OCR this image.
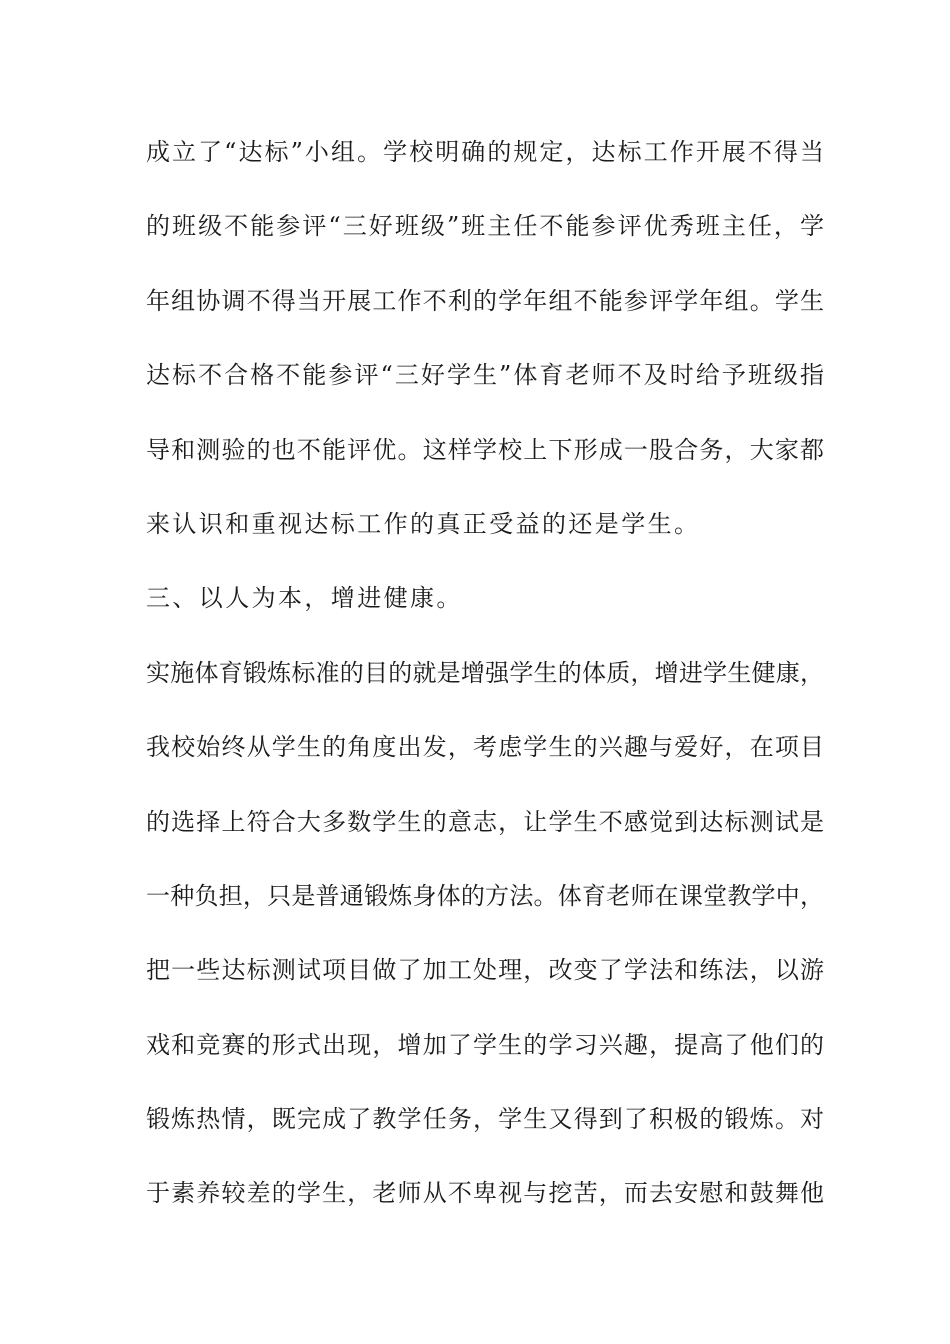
成立了“达标”小组。学校明确的规定，达标工作开展不得当
的班级不能参评“三好班级”班主任不能参评优秀班主任，学
年组协调不得当开展工作不利的学年组不能参评学年组。学生
达标不合格不能参评“三好学生”体育老师不及时给予班级指
导和测验的也不能评优。这样学校上下形成一股合务，大家都
来认识和重视达标工作的真正受益的还是学生。
三、以人为本，增进健康。
实施体育锻炼标准的目的就是增强学生的体质，增进学生健康，
我校始终从学生的角度出发，考虑学生的兴趣与爱好，在项目
的选择上符合大多数学生的意志，让学生不感觉到达标测试是
一种负担，只是普通锻炼身体的方法。体育老师在课堂教学中，
把一些达标测试项目做了加工处理，改变了学法和练法，以游
戏和竞赛的形式出现，增加了学生的学习兴趣，提高了他们的
锻炼热情，既完成了教学任务，学生又得到了积极的锻炼。对
于素养较差的学生，老师从不卑视与挖苦，而去安慰和鼓舞他
